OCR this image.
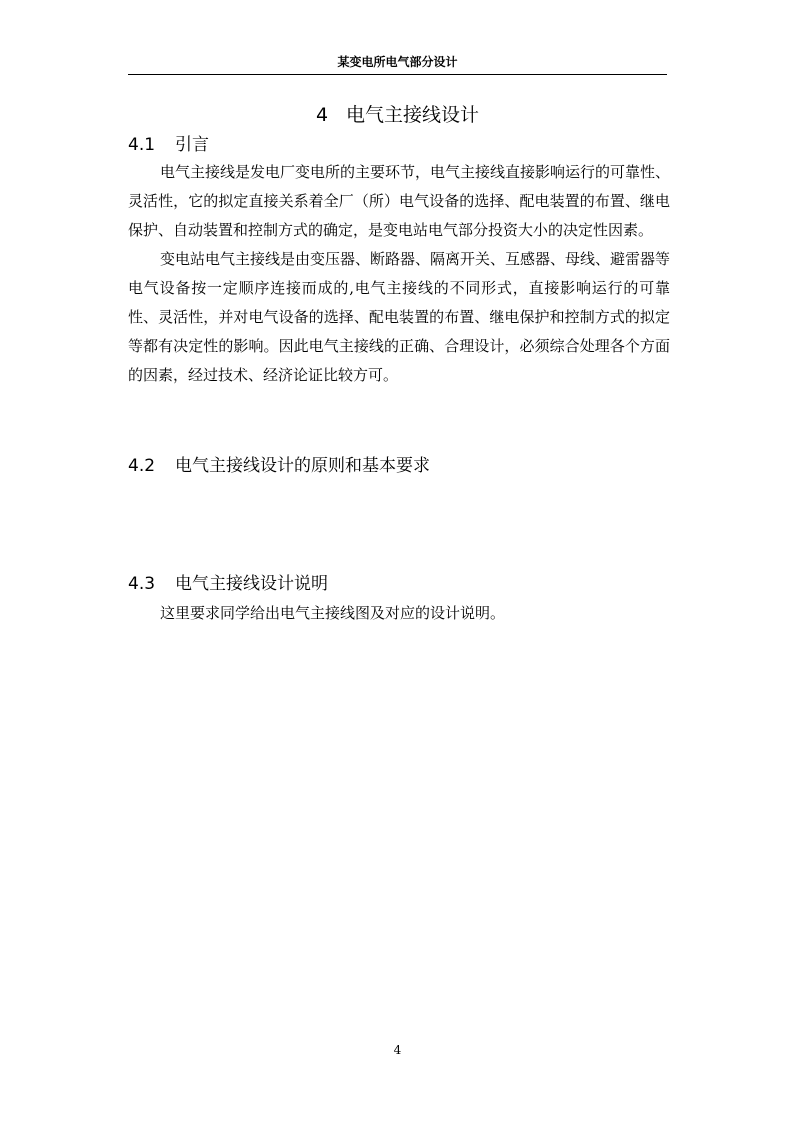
某变电所电气部分设计
4 电气主接线设计
4.1 引言

电气主接线是发电厂变电所的主要环节，电气主接线直接影响运行的可靠性、灵活性，它的拟定直接关系着全厂（所）电气设备的选择、配电装置的布置、继电保护、自动装置和控制方式的确定，是变电站电气部分投资大小的决定性因素。

变电站电气主接线是由变压器、断路器、隔离开关、互感器、母线、避雷器等电气设备按一定顺序连接而成的,电气主接线的不同形式，直接影响运行的可靠性、灵活性，并对电气设备的选择、配电装置的布置、继电保护和控制方式的拟定等都有决定性的影响。因此电气主接线的正确、合理设计，必须综合处理各个方面的因素，经过技术、经济论证比较方可。

4.2 电气主接线设计的原则和基本要求
4.3 电气主接线设计说明

这里要求同学给出电气主接线图及对应的设计说明。

4
